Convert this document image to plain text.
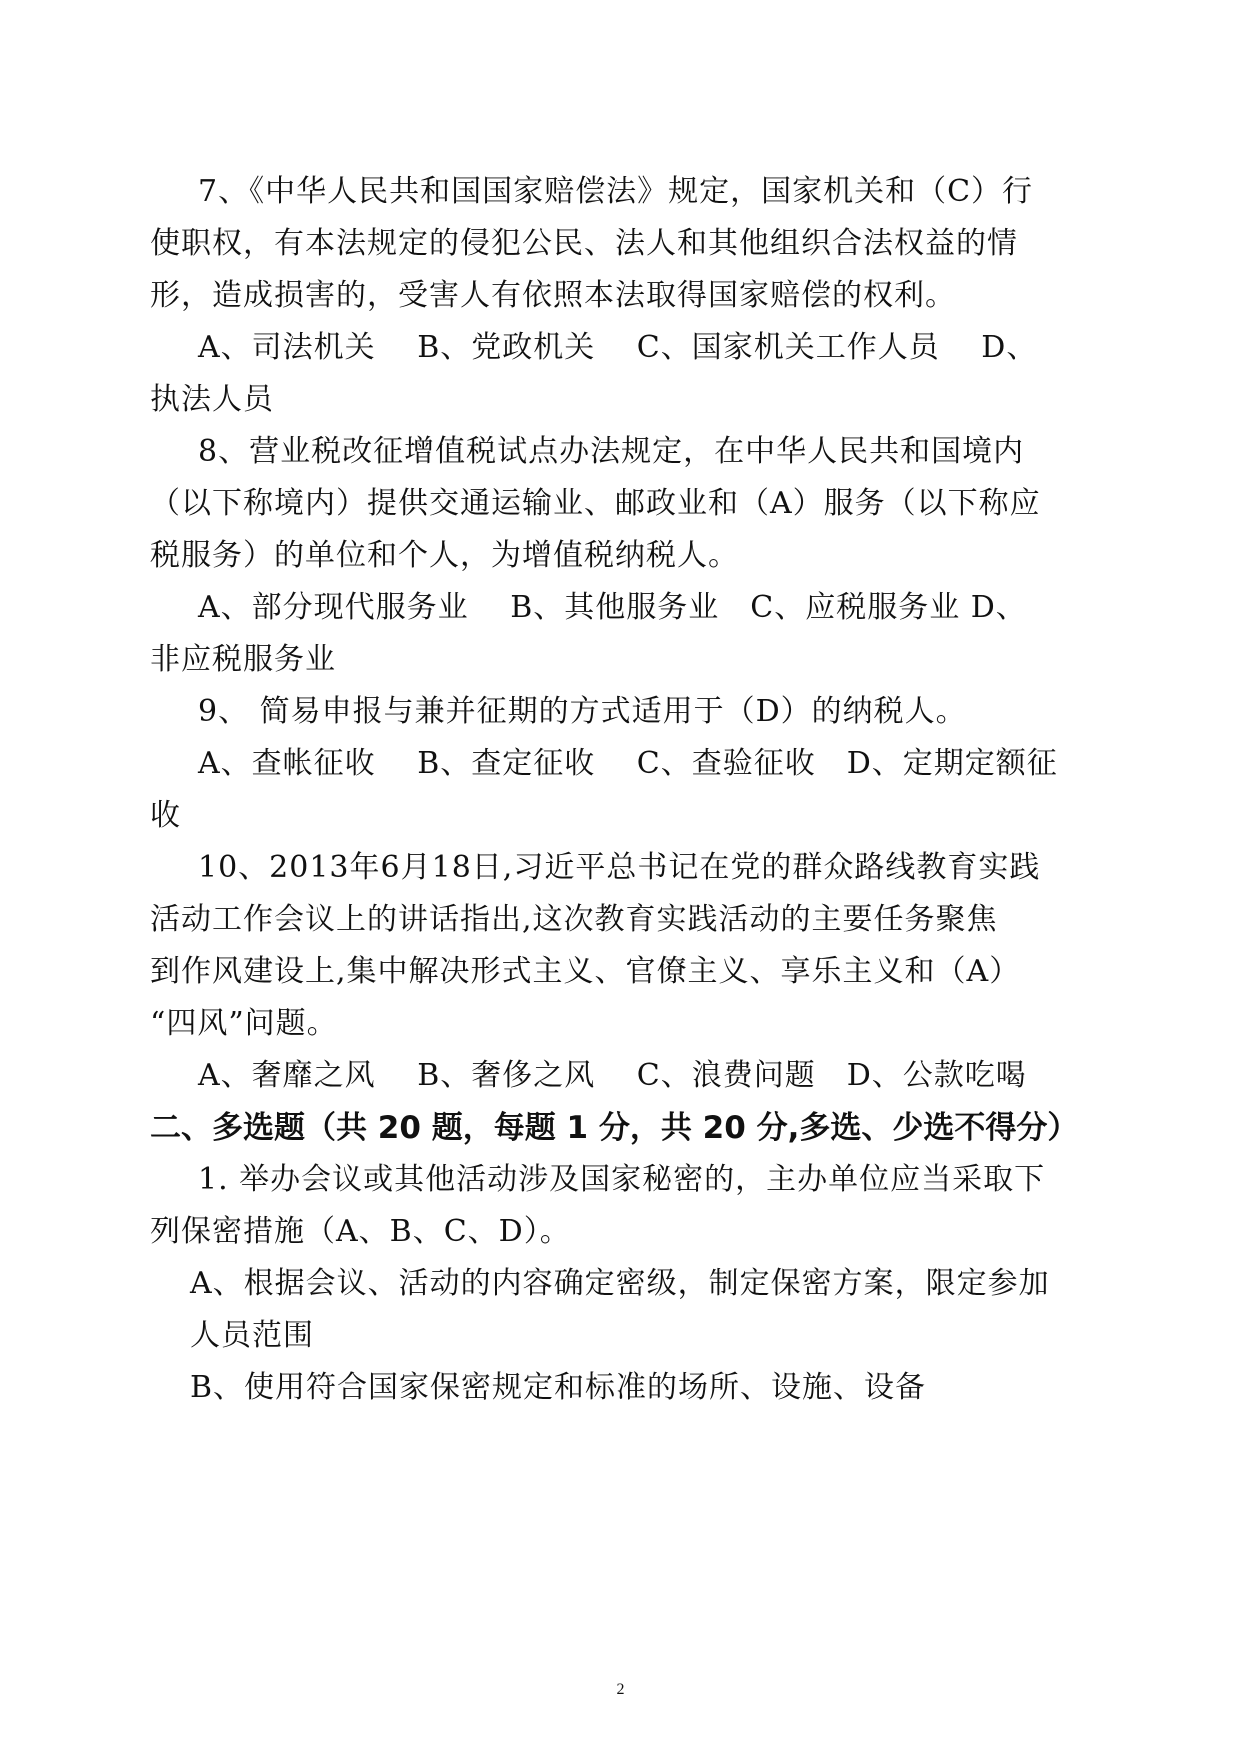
7、《中华人民共和国国家赔偿法》规定，国家机关和（C）行
使职权，有本法规定的侵犯公民、法人和其他组织合法权益的情
形，造成损害的，受害人有依照本法取得国家赔偿的权利。
A、司法机关　 B、党政机关　 C、国家机关工作人员　 D、
执法人员
8、营业税改征增值税试点办法规定，在中华人民共和国境内
（以下称境内）提供交通运输业、邮政业和（A）服务（以下称应
税服务）的单位和个人，为增值税纳税人。
A、部分现代服务业　 B、其他服务业　C、应税服务业 D、
非应税服务业
9、 简易申报与兼并征期的方式适用于（D）的纳税人。
A、查帐征收　 B、查定征收　 C、查验征收　D、定期定额征
收
10、2013年6月18日,习近平总书记在党的群众路线教育实践
活动工作会议上的讲话指出,这次教育实践活动的主要任务聚焦
到作风建设上,集中解决形式主义、官僚主义、享乐主义和（A）
“四风”问题。
A、奢靡之风　 B、奢侈之风　 C、浪费问题　D、公款吃喝
二、多选题（共 20 题，每题 1 分，共 20 分,多选、少选不得分）
1. 举办会议或其他活动涉及国家秘密的，主办单位应当采取下
列保密措施（A、B、C、D）。
A、根据会议、活动的内容确定密级，制定保密方案，限定参加
人员范围
B、使用符合国家保密规定和标准的场所、设施、设备
2
